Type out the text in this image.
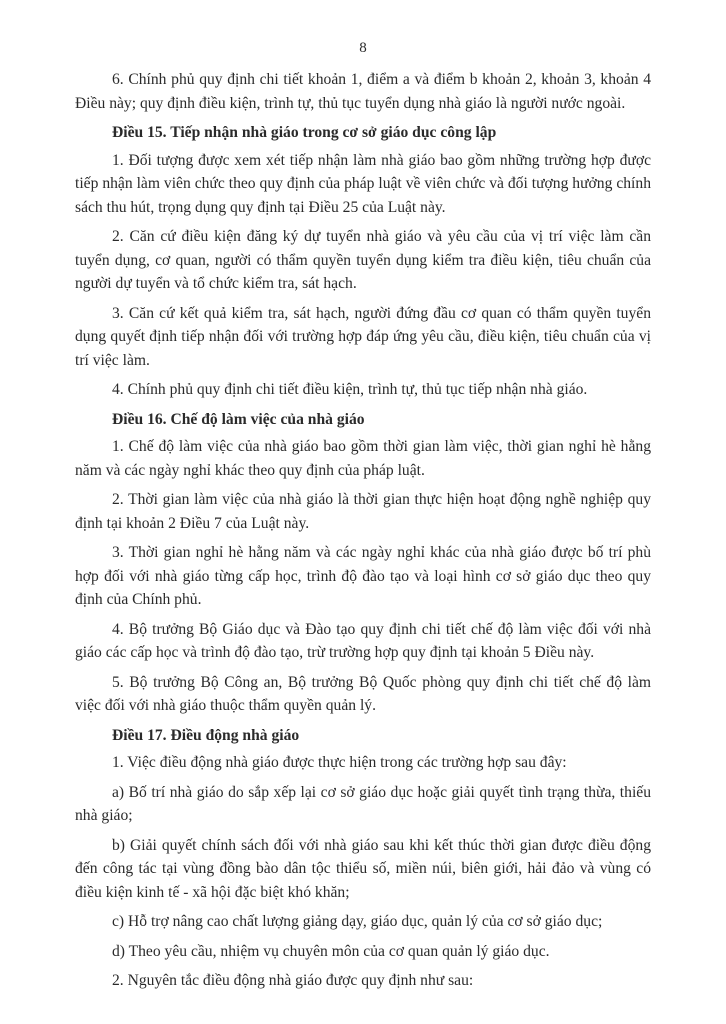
8

6. Chính phủ quy định chi tiết khoản 1, điểm a và điểm b khoản 2, khoản 3, khoản 4 Điều này; quy định điều kiện, trình tự, thủ tục tuyển dụng nhà giáo là người nước ngoài.

Điều 15. Tiếp nhận nhà giáo trong cơ sở giáo dục công lập

1. Đối tượng được xem xét tiếp nhận làm nhà giáo bao gồm những trường hợp được tiếp nhận làm viên chức theo quy định của pháp luật về viên chức và đối tượng hưởng chính sách thu hút, trọng dụng quy định tại Điều 25 của Luật này.

2. Căn cứ điều kiện đăng ký dự tuyển nhà giáo và yêu cầu của vị trí việc làm cần tuyển dụng, cơ quan, người có thẩm quyền tuyển dụng kiểm tra điều kiện, tiêu chuẩn của người dự tuyển và tổ chức kiểm tra, sát hạch.

3. Căn cứ kết quả kiểm tra, sát hạch, người đứng đầu cơ quan có thẩm quyền tuyển dụng quyết định tiếp nhận đối với trường hợp đáp ứng yêu cầu, điều kiện, tiêu chuẩn của vị trí việc làm.

4. Chính phủ quy định chi tiết điều kiện, trình tự, thủ tục tiếp nhận nhà giáo.

Điều 16. Chế độ làm việc của nhà giáo

1. Chế độ làm việc của nhà giáo bao gồm thời gian làm việc, thời gian nghỉ hè hằng năm và các ngày nghỉ khác theo quy định của pháp luật.

2. Thời gian làm việc của nhà giáo là thời gian thực hiện hoạt động nghề nghiệp quy định tại khoản 2 Điều 7 của Luật này.

3. Thời gian nghỉ hè hằng năm và các ngày nghỉ khác của nhà giáo được bố trí phù hợp đối với nhà giáo từng cấp học, trình độ đào tạo và loại hình cơ sở giáo dục theo quy định của Chính phủ.

4. Bộ trưởng Bộ Giáo dục và Đào tạo quy định chi tiết chế độ làm việc đối với nhà giáo các cấp học và trình độ đào tạo, trừ trường hợp quy định tại khoản 5 Điều này.

5. Bộ trưởng Bộ Công an, Bộ trưởng Bộ Quốc phòng quy định chi tiết chế độ làm việc đối với nhà giáo thuộc thẩm quyền quản lý.

Điều 17. Điều động nhà giáo

1. Việc điều động nhà giáo được thực hiện trong các trường hợp sau đây:

a) Bố trí nhà giáo do sắp xếp lại cơ sở giáo dục hoặc giải quyết tình trạng thừa, thiếu nhà giáo;

b) Giải quyết chính sách đối với nhà giáo sau khi kết thúc thời gian được điều động đến công tác tại vùng đồng bào dân tộc thiểu số, miền núi, biên giới, hải đảo và vùng có điều kiện kinh tế - xã hội đặc biệt khó khăn;

c) Hỗ trợ nâng cao chất lượng giảng dạy, giáo dục, quản lý của cơ sở giáo dục;

d) Theo yêu cầu, nhiệm vụ chuyên môn của cơ quan quản lý giáo dục.

2. Nguyên tắc điều động nhà giáo được quy định như sau:
